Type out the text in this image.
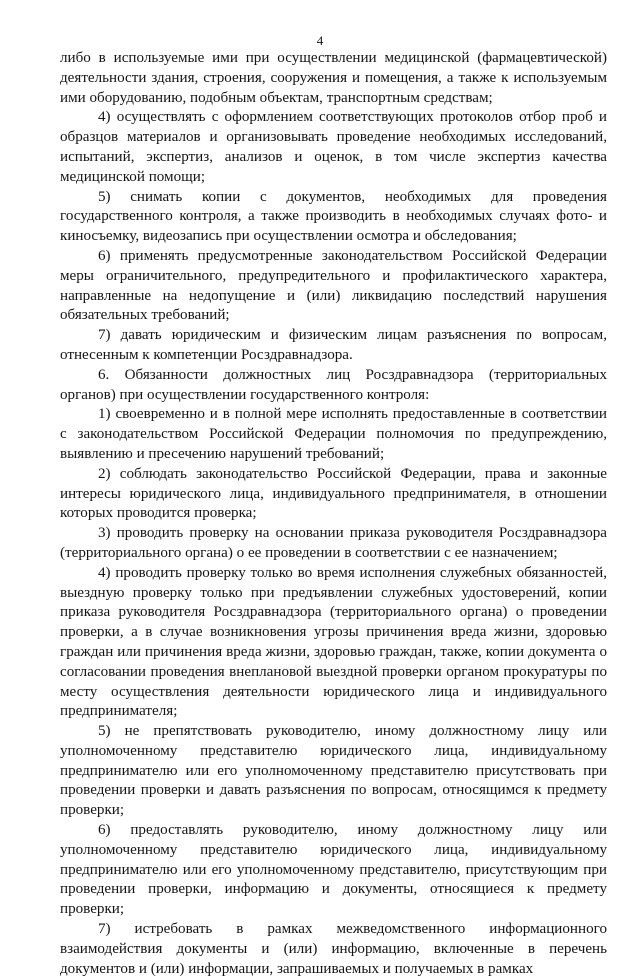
4

либо в используемые ими при осуществлении медицинской (фармацевтической) деятельности здания, строения, сооружения и помещения, а также к используемым ими оборудованию, подобным объектам, транспортным средствам;

4) осуществлять с оформлением соответствующих протоколов отбор проб и образцов материалов и организовывать проведение необходимых исследований, испытаний, экспертиз, анализов и оценок, в том числе экспертиз качества медицинской помощи;

5) снимать копии с документов, необходимых для проведения государственного контроля, а также производить в необходимых случаях фото- и киносъемку, видеозапись при осуществлении осмотра и обследования;

6) применять предусмотренные законодательством Российской Федерации меры ограничительного, предупредительного и профилактического характера, направленные на недопущение и (или) ликвидацию последствий нарушения обязательных требований;

7) давать юридическим и физическим лицам разъяснения по вопросам, отнесенным к компетенции Росздравнадзора.

6. Обязанности должностных лиц Росздравнадзора (территориальных органов) при осуществлении государственного контроля:

1) своевременно и в полной мере исполнять предоставленные в соответствии с законодательством Российской Федерации полномочия по предупреждению, выявлению и пресечению нарушений требований;

2) соблюдать законодательство Российской Федерации, права и законные интересы юридического лица, индивидуального предпринимателя, в отношении которых проводится проверка;

3) проводить проверку на основании приказа руководителя Росздравнадзора (территориального органа) о ее проведении в соответствии с ее назначением;

4) проводить проверку только во время исполнения служебных обязанностей, выездную проверку только при предъявлении служебных удостоверений, копии приказа руководителя Росздравнадзора (территориального органа) о проведении проверки, а в случае возникновения угрозы причинения вреда жизни, здоровью граждан или причинения вреда жизни, здоровью граждан, также, копии документа о согласовании проведения внеплановой выездной проверки органом прокуратуры по месту осуществления деятельности юридического лица и индивидуального предпринимателя;

5) не препятствовать руководителю, иному должностному лицу или уполномоченному представителю юридического лица, индивидуальному предпринимателю или его уполномоченному представителю присутствовать при проведении проверки и давать разъяснения по вопросам, относящимся к предмету проверки;

6) предоставлять руководителю, иному должностному лицу или уполномоченному представителю юридического лица, индивидуальному предпринимателю или его уполномоченному представителю, присутствующим при проведении проверки, информацию и документы, относящиеся к предмету проверки;

7) истребовать в рамках межведомственного информационного взаимодействия документы и (или) информацию, включенные в перечень документов и (или) информации, запрашиваемых и получаемых в рамках
